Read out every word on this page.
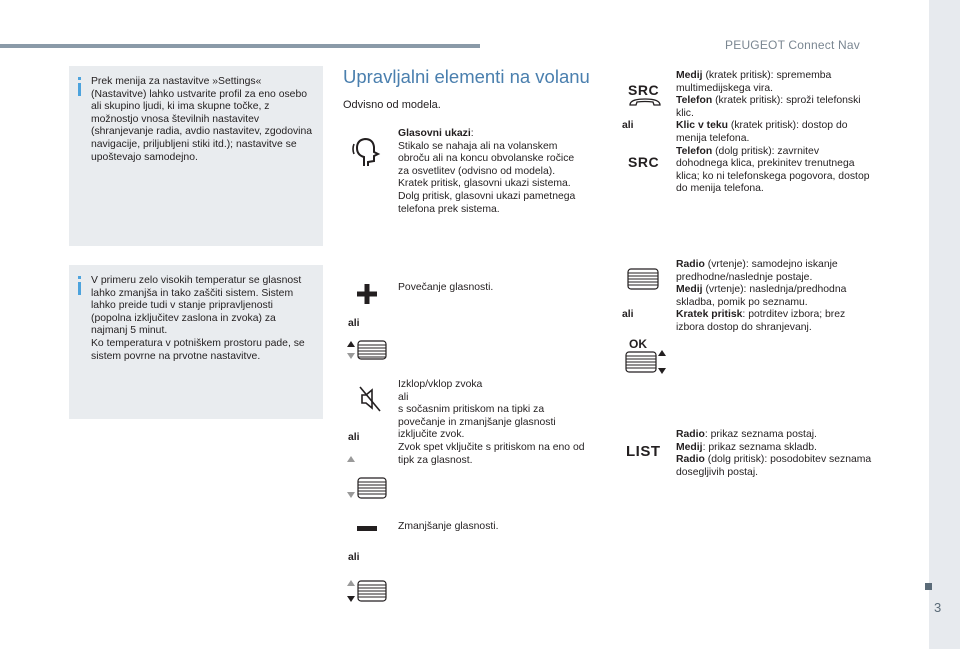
PEUGEOT Connect Nav
3
Prek menija za nastavitve »Settings« (Nastavitve) lahko ustvarite profil za eno osebo ali skupino ljudi, ki ima skupne točke, z možnostjo vnosa številnih nastavitev (shranjevanje radia, avdio nastavitev, zgodovina navigacije, priljubljeni stiki itd.); nastavitve se upoštevajo samodejno.
V primeru zelo visokih temperatur se glasnost lahko zmanjša in tako zaščiti sistem. Sistem lahko preide tudi v stanje pripravljenosti (popolna izključitev zaslona in zvoka) za najmanj 5 minut.
Ko temperatura v potniškem prostoru pade, se sistem povrne na prvotne nastavitve.
Upravljalni elementi na volanu
Odvisno od modela.
Glasovni ukazi:
Stikalo se nahaja ali na volanskem obroču ali na koncu obvolanske ročice za osvetlitev (odvisno od modela).
Kratek pritisk, glasovni ukazi sistema.
Dolg pritisk, glasovni ukazi pametnega telefona prek sistema.
ali
Povečanje glasnosti.
ali
Izklop/vklop zvoka
ali
s sočasnim pritiskom na tipki za povečanje in zmanjšanje glasnosti izključite zvok.
Zvok spet vključite s pritiskom na eno od tipk za glasnost.
ali
Zmanjšanje glasnosti.
SRC
ali
SRC
Medij (kratek pritisk): sprememba multimedijskega vira.
Telefon (kratek pritisk): sproži telefonski klic.
Klic v teku (kratek pritisk): dostop do menija telefona.
Telefon (dolg pritisk): zavrnitev dohodnega klica, prekinitev trenutnega klica; ko ni telefonskega pogovora, dostop do menija telefona.
ali
OK
Radio (vrtenje): samodejno iskanje predhodne/naslednje postaje.
Medij (vrtenje): naslednja/predhodna skladba, pomik po seznamu.
Kratek pritisk: potrditev izbora; brez izbora dostop do shranjevanj.
LIST
Radio: prikaz seznama postaj.
Medij: prikaz seznama skladb.
Radio (dolg pritisk): posodobitev seznama dosegljivih postaj.
